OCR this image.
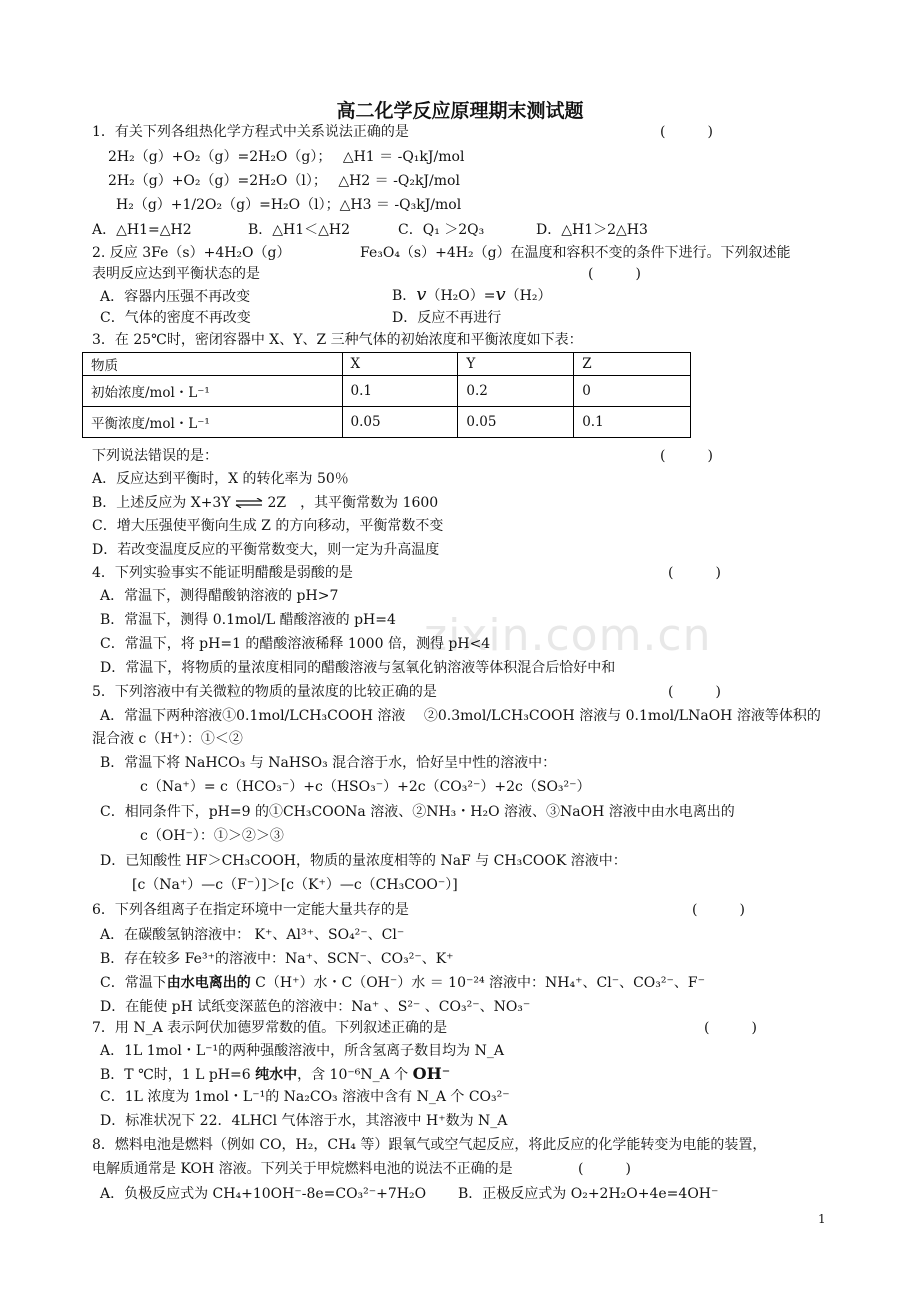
zixin.com.cn
高二化学反应原理期末测试题
1．有关下列各组热化学方程式中关系说法正确的是	(　　　)
2H₂（g）+O₂（g）=2H₂O（g）；　 △H1 ＝ -Q₁kJ/mol
2H₂（g）+O₂（g）=2H₂O（l）；　 △H2 ＝ -Q₂kJ/mol
H₂（g）+1/2O₂（g）=H₂O（l）；△H3 ＝ -Q₃kJ/mol
A．△H1=△H2	B．△H1＜△H2	C．Q₁ ＞2Q₃	D．△H1＞2△H3
2. 反应 3Fe（s）+4H₂O（g）	Fe₃O₄（s）+4H₂（g）在温度和容积不变的条件下进行。下列叙述能
表明反应达到平衡状态的是	(　　　)
A．容器内压强不再改变	B．v（H₂O）=v（H₂）
C．气体的密度不再改变	D．反应不再进行
3．在 25℃时，密闭容器中 X、Y、Z 三种气体的初始浓度和平衡浓度如下表：
物质	X	Y	Z
初始浓度/mol・L⁻¹	0.1	0.2	0
平衡浓度/mol・L⁻¹	0.05	0.05	0.1
下列说法错误的是：	(　　　)
A．反应达到平衡时，X 的转化率为 50％
B．上述反应为 X+3Y ⇌ 2Z　，其平衡常数为 1600
C．增大压强使平衡向生成 Z 的方向移动，平衡常数不变
D．若改变温度反应的平衡常数变大，则一定为升高温度
4．下列实验事实不能证明醋酸是弱酸的是	(　　　)
A．常温下，测得醋酸钠溶液的 pH>7
B．常温下，测得 0.1mol/L 醋酸溶液的 pH=4
C．常温下，将 pH=1 的醋酸溶液稀释 1000 倍，测得 pH<4
D．常温下，将物质的量浓度相同的醋酸溶液与氢氧化钠溶液等体积混合后恰好中和
5．下列溶液中有关微粒的物质的量浓度的比较正确的是	(　　　)
A．常温下两种溶液①0.1mol/LCH₃COOH 溶液　 ②0.3mol/LCH₃COOH 溶液与 0.1mol/LNaOH 溶液等体积的
混合液 c（H⁺）：①＜②
B．常温下将 NaHCO₃ 与 NaHSO₃ 混合溶于水，恰好呈中性的溶液中：
c（Na⁺）= c（HCO₃⁻）+c（HSO₃⁻）+2c（CO₃²⁻）+2c（SO₃²⁻）
C．相同条件下，pH=9 的①CH₃COONa 溶液、②NH₃・H₂O 溶液、③NaOH 溶液中由水电离出的
c（OH⁻）：①＞②＞③
D．已知酸性 HF＞CH₃COOH，物质的量浓度相等的 NaF 与 CH₃COOK 溶液中：
[c（Na⁺）—c（F⁻）]＞[c（K⁺）—c（CH₃COO⁻）]
6．下列各组离子在指定环境中一定能大量共存的是	(　　　)
A．在碳酸氢钠溶液中： K⁺、Al³⁺、SO₄²⁻、Cl⁻
B．存在较多 Fe³⁺的溶液中：Na⁺、SCN⁻、CO₃²⁻、K⁺
C．常温下由水电离出的 C（H⁺）水・C（OH⁻）水 ＝ 10⁻²⁴ 溶液中：NH₄⁺、Cl⁻、CO₃²⁻、F⁻
D．在能使 pH 试纸变深蓝色的溶液中：Na⁺ 、S²⁻ 、CO₃²⁻、NO₃⁻
7．用 N_A 表示阿伏加德罗常数的值。下列叙述正确的是	(　　　)
A．1L 1mol・L⁻¹的两种强酸溶液中，所含氢离子数目均为 N_A
B．T ℃时，1 L pH=6 纯水中，含 10⁻⁶N_A 个 OH⁻
C．1L 浓度为 1mol・L⁻¹的 Na₂CO₃ 溶液中含有 N_A 个 CO₃²⁻
D．标准状况下 22．4LHCl 气体溶于水，其溶液中 H⁺数为 N_A
8．燃料电池是燃料（例如 CO，H₂，CH₄ 等）跟氧气或空气起反应，将此反应的化学能转变为电能的装置，
电解质通常是 KOH 溶液。下列关于甲烷燃料电池的说法不正确的是	(　　　)
A．负极反应式为 CH₄+10OH⁻-8e=CO₃²⁻+7H₂O B．正极反应式为 O₂+2H₂O+4e=4OH⁻
1
